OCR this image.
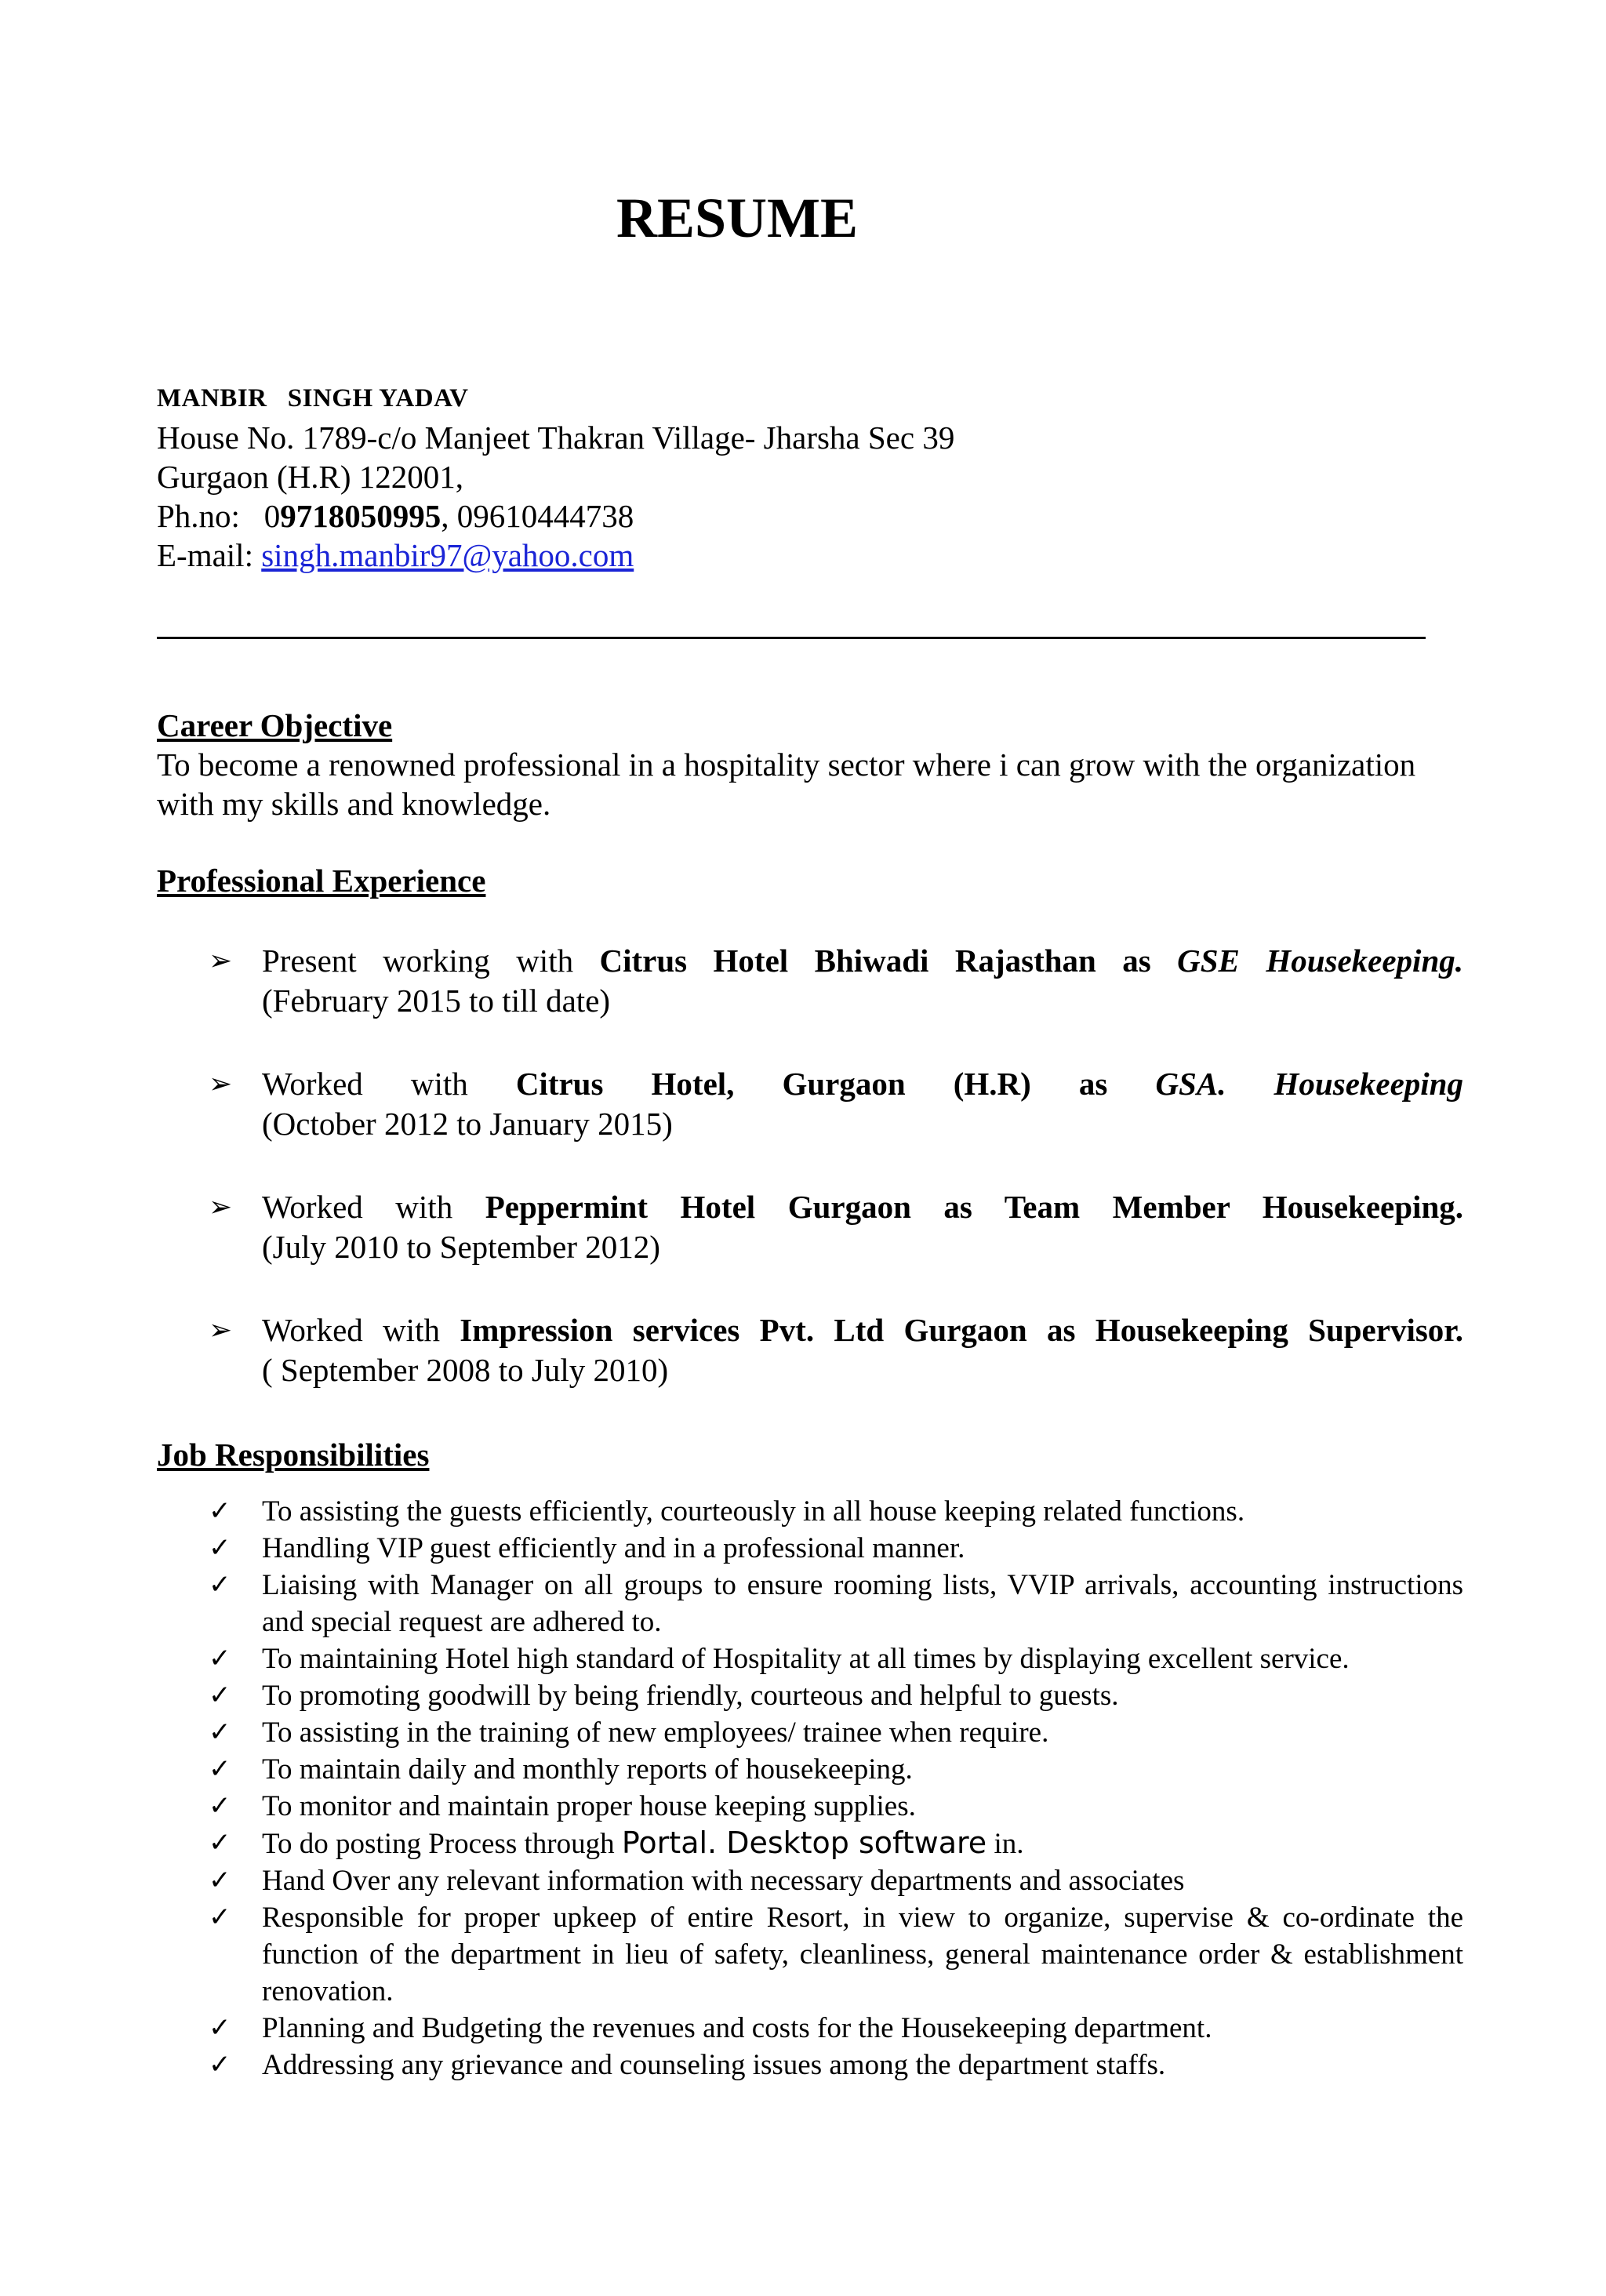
RESUME
MANBIR   SINGH YADAV
House No. 1789-c/o Manjeet Thakran Village- Jharsha Sec 39
Gurgaon (H.R) 122001,
Ph.no:   09718050995, 09610444738
E-mail: singh.manbir97@yahoo.com
Career Objective
To become a renowned professional in a hospitality sector where i can grow with the organization with my skills and knowledge.
Professional Experience
➢ Present working with Citrus Hotel Bhiwadi Rajasthan as GSE Housekeeping.
(February 2015 to till date)
➢ Worked with Citrus Hotel, Gurgaon (H.R) as GSA. Housekeeping
(October 2012 to January 2015)
➢ Worked with Peppermint Hotel Gurgaon as Team Member Housekeeping.
(July 2010 to September 2012)
➢ Worked with Impression services Pvt. Ltd Gurgaon as Housekeeping Supervisor.
( September 2008 to July 2010)
Job Responsibilities
✓	To assisting the guests efficiently, courteously in all house keeping related functions.
✓	Handling VIP guest efficiently and in a professional manner.
✓	Liaising with Manager on all groups to ensure rooming lists, VVIP arrivals, accounting instructions and special request are adhered to.
✓	To maintaining Hotel high standard of Hospitality at all times by displaying excellent service.
✓	To promoting goodwill by being friendly, courteous and helpful to guests.
✓	To assisting in the training of new employees/ trainee when require.
✓	To maintain daily and monthly reports of housekeeping.
✓	To monitor and maintain proper house keeping supplies.
✓	To do posting Process through Portal. Desktop software in.
✓	Hand Over any relevant information with necessary departments and associates
✓	Responsible for proper upkeep of entire Resort, in view to organize, supervise & co-ordinate the function of the department in lieu of safety, cleanliness, general maintenance order & establishment renovation.
✓	Planning and Budgeting the revenues and costs for the Housekeeping department.
✓	Addressing any grievance and counseling issues among the department staffs.
